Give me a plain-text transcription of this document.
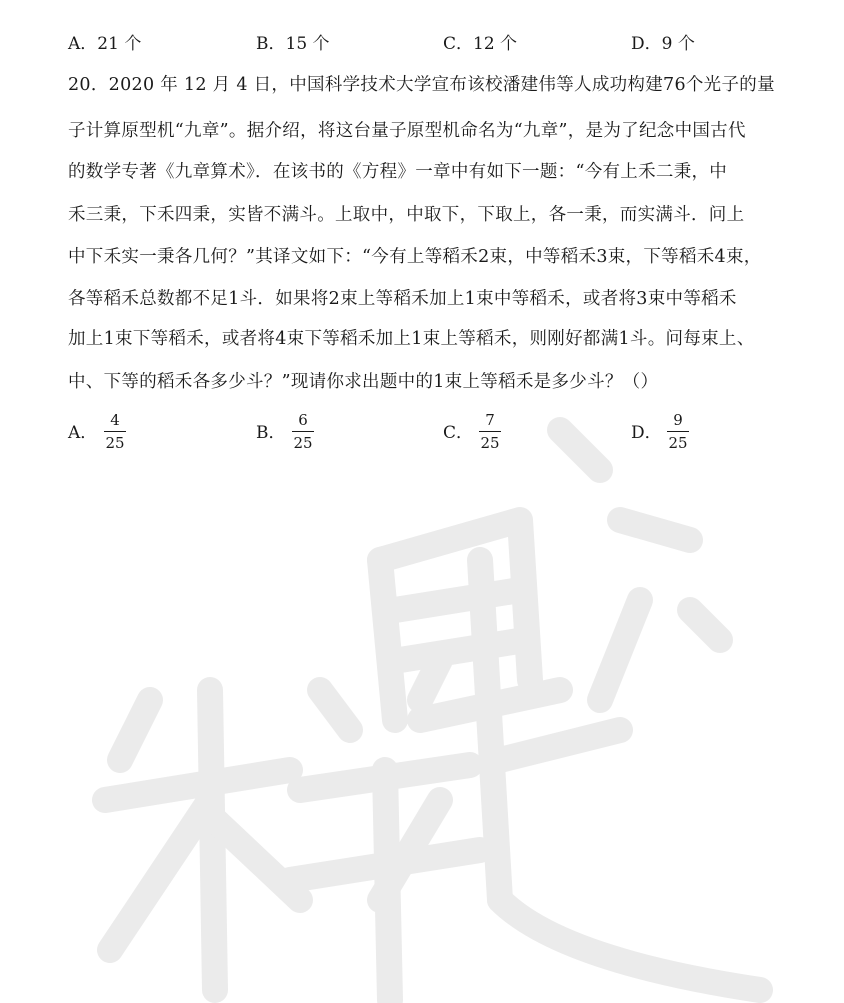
A．21 个	B．15 个	C．12 个	D．9 个
20．2020 年 12 月 4 日，中国科学技术大学宣布该校潘建伟等人成功构建76个光子的量
子计算原型机“九章”。据介绍，将这台量子原型机命名为“九章”，是为了纪念中国古代
的数学专著《九章算术》．在该书的《方程》一章中有如下一题：“今有上禾二秉，中
禾三秉，下禾四秉，实皆不满斗。上取中，中取下，下取上，各一秉，而实满斗．问上
中下禾实一秉各几何？”其译文如下：“今有上等稻禾2束，中等稻禾3束，下等稻禾4束，
各等稻禾总数都不足1斗．如果将2束上等稻禾加上1束中等稻禾，或者将3束中等稻禾
加上1束下等稻禾，或者将4束下等稻禾加上1束上等稻禾，则刚好都满1斗。问每束上、
中、下等的稻禾各多少斗？”现请你求出题中的1束上等稻禾是多少斗？（）
A．
4
25	B．
6
25	C．
7
25	D．
9
25
